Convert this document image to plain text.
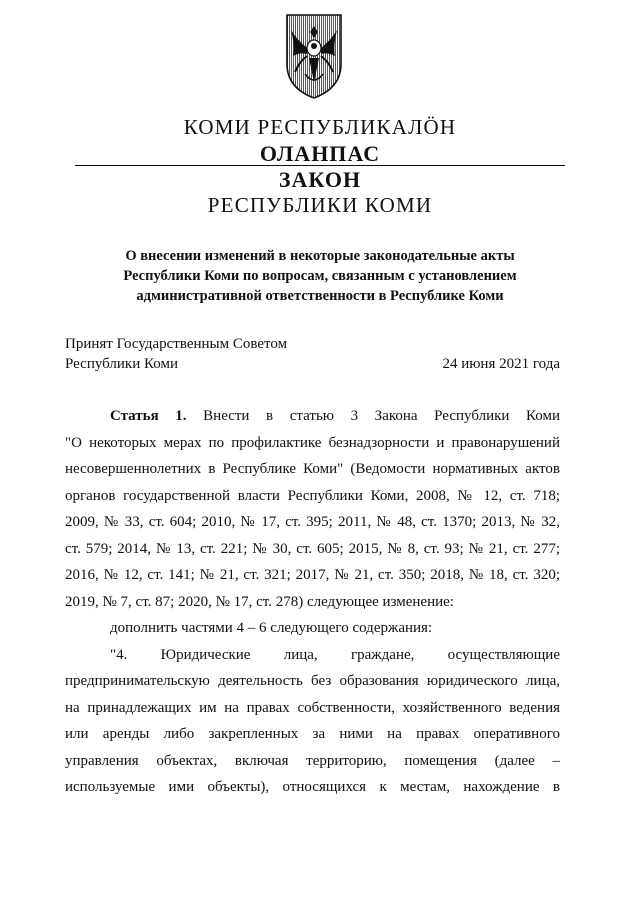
КОМИ РЕСПУБЛИКАЛÖН
ОЛАНПАС
ЗАКОН
РЕСПУБЛИКИ КОМИ
О внесении изменений в некоторые законодательные акты
Республики Коми по вопросам, связанным с установлением
административной ответственности в Республике Коми
Принят Государственным Советом
Республики Коми	24 июня 2021 года
Статья 1. Внести в статью 3 Закона Республики Коми
"О некоторых мерах по профилактике безнадзорности и правонарушений
несовершеннолетних в Республике Коми" (Ведомости нормативных актов
органов государственной власти Республики Коми, 2008, № 12, ст. 718;
2009, № 33, ст. 604; 2010, № 17, ст. 395; 2011, № 48, ст. 1370; 2013, № 32,
ст. 579; 2014, № 13, ст. 221; № 30, ст. 605; 2015, № 8, ст. 93; № 21, ст. 277;
2016, № 12, ст. 141; № 21, ст. 321; 2017, № 21, ст. 350; 2018, № 18, ст. 320;
2019, № 7, ст. 87; 2020, № 17, ст. 278) следующее изменение:
дополнить частями 4 – 6 следующего содержания:
"4. Юридические лица, граждане, осуществляющие
предпринимательскую деятельность без образования юридического лица,
на принадлежащих им на правах собственности, хозяйственного ведения
или аренды либо закрепленных за ними на правах оперативного
управления объектах, включая территорию, помещения (далее –
используемые ими объекты), относящихся к местам, нахождение в
